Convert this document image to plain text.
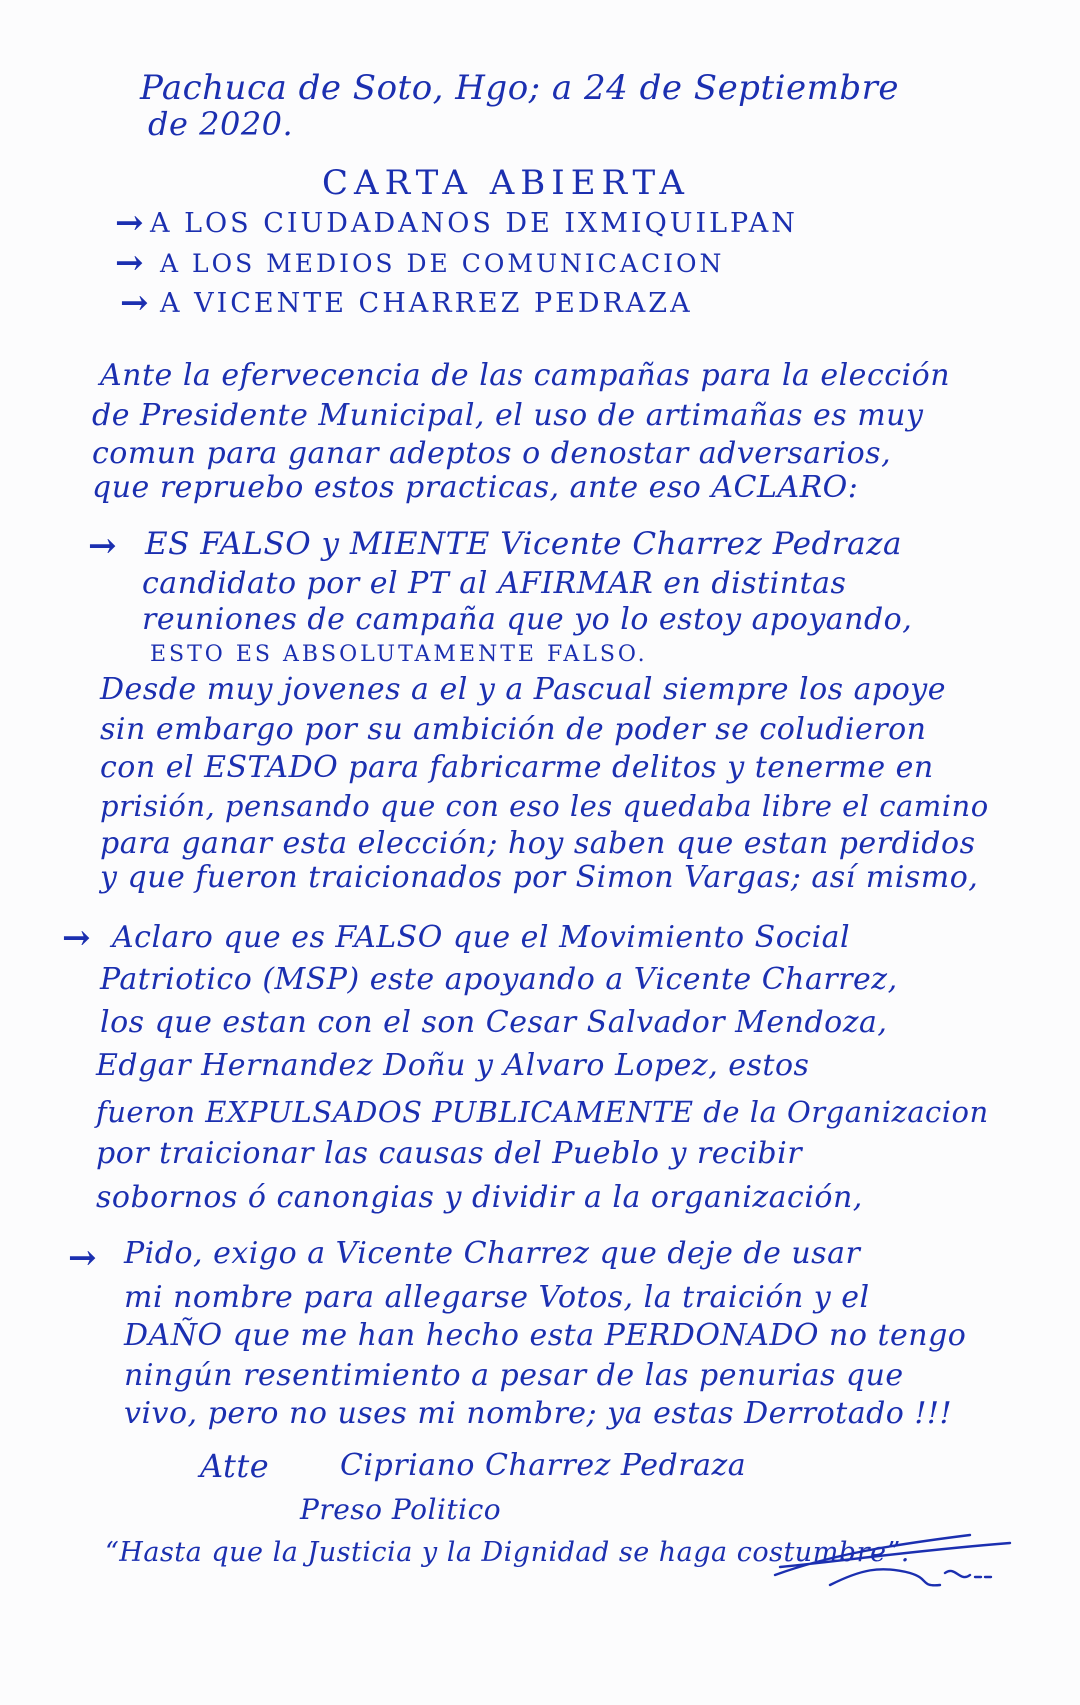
Pachuca de Soto, Hgo; a 24 de Septiembre
de 2020.
CARTA ABIERTA
→ A LOS CIUDADANOS DE IXMIQUILPAN
→ A LOS MEDIOS DE COMUNICACION
→ A VICENTE CHARREZ PEDRAZA
Ante la efervecencia de las campañas para la elección
de Presidente Municipal, el uso de artimañas es muy
comun para ganar adeptos o denostar adversarios,
que repruebo estos practicas, ante eso ACLARO:
→ ES FALSO y MIENTE Vicente Charrez Pedraza
candidato por el PT al AFIRMAR en distintas
reuniones de campaña que yo lo estoy apoyando,
ESTO ES ABSOLUTAMENTE FALSO.
Desde muy jovenes a el y a Pascual siempre los apoye
sin embargo por su ambición de poder se coludieron
con el ESTADO para fabricarme delitos y tenerme en
prisión, pensando que con eso les quedaba libre el camino
para ganar esta elección; hoy saben que estan perdidos
y que fueron traicionados por Simon Vargas; así mismo,
→ Aclaro que es FALSO que el Movimiento Social
Patriotico (MSP) este apoyando a Vicente Charrez,
los que estan con el son Cesar Salvador Mendoza,
Edgar Hernandez Doñu y Alvaro Lopez, estos
fueron EXPULSADOS PUBLICAMENTE de la Organizacion
por traicionar las causas del Pueblo y recibir
sobornos ó canongias y dividir a la organización,
→ Pido, exigo a Vicente Charrez que deje de usar
mi nombre para allegarse Votos, la traición y el
DAÑO que me han hecho esta PERDONADO no tengo
ningún resentimiento a pesar de las penurias que
vivo, pero no uses mi nombre; ya estas Derrotado !!!
Atte Cipriano Charrez Pedraza
Preso Politico
“Hasta que la Justicia y la Dignidad se haga costumbre”.
